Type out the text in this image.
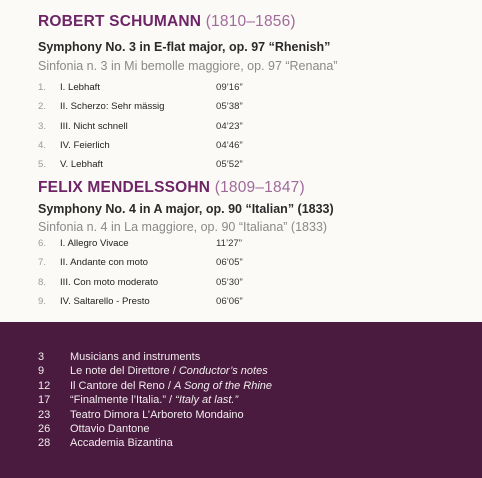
ROBERT SCHUMANN (1810–1856)
Symphony No. 3 in E-flat major, op. 97 “Rhenish”
Sinfonia n. 3 in Mi bemolle maggiore, op. 97 “Renana”
1. I. Lebhaft	09’16”
2. II. Scherzo: Sehr mässig	05’38”
3. III. Nicht schnell	04’23”
4. IV. Feierlich	04’46”
5. V. Lebhaft	05’52”
FELIX MENDELSSOHN (1809–1847)
Symphony No. 4 in A major, op. 90 “Italian” (1833)
Sinfonia n. 4 in La maggiore, op. 90 “Italiana” (1833)
6. I. Allegro Vivace	11’27”
7. II. Andante con moto	06’05”
8. III. Con moto moderato	05’30”
9. IV. Saltarello - Presto	06’06”
3	Musicians and instruments
9	Le note del Direttore / Conductor’s notes
12	Il Cantore del Reno / A Song of the Rhine
17	“Finalmente l’Italia.” / “Italy at last.”
23	Teatro Dimora L’Arboreto Mondaino
26	Ottavio Dantone
28	Accademia Bizantina
